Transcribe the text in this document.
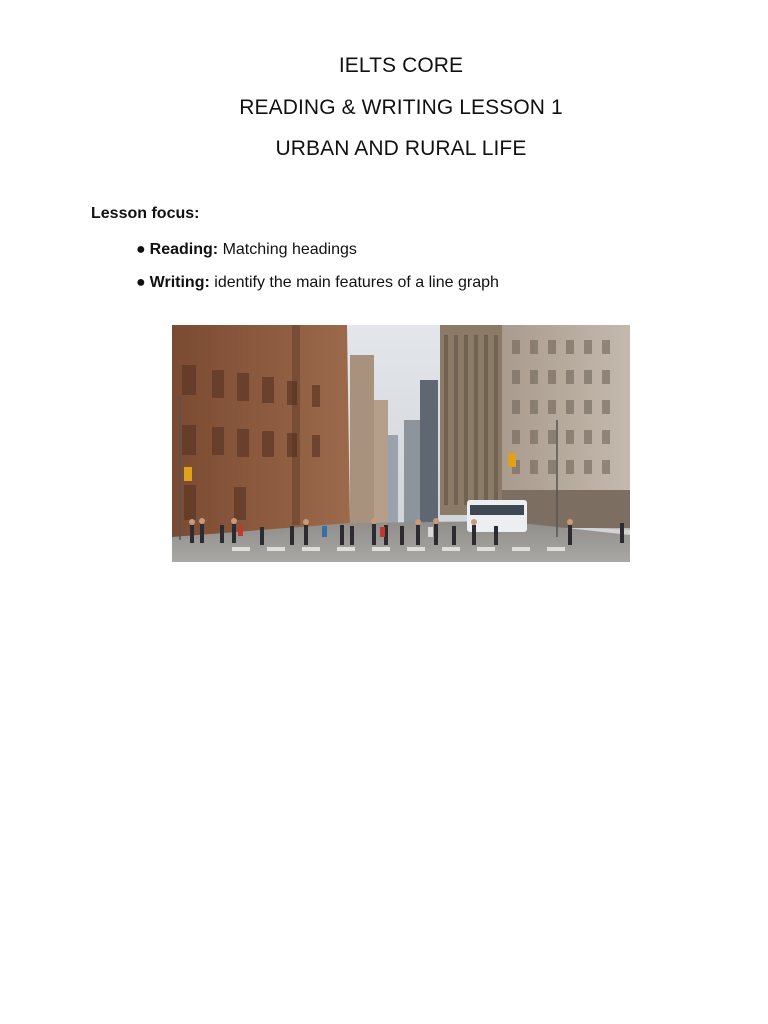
IELTS CORE
READING & WRITING LESSON 1
URBAN AND RURAL LIFE
Lesson focus:
● Reading: Matching headings
● Writing: identify the main features of a line graph
